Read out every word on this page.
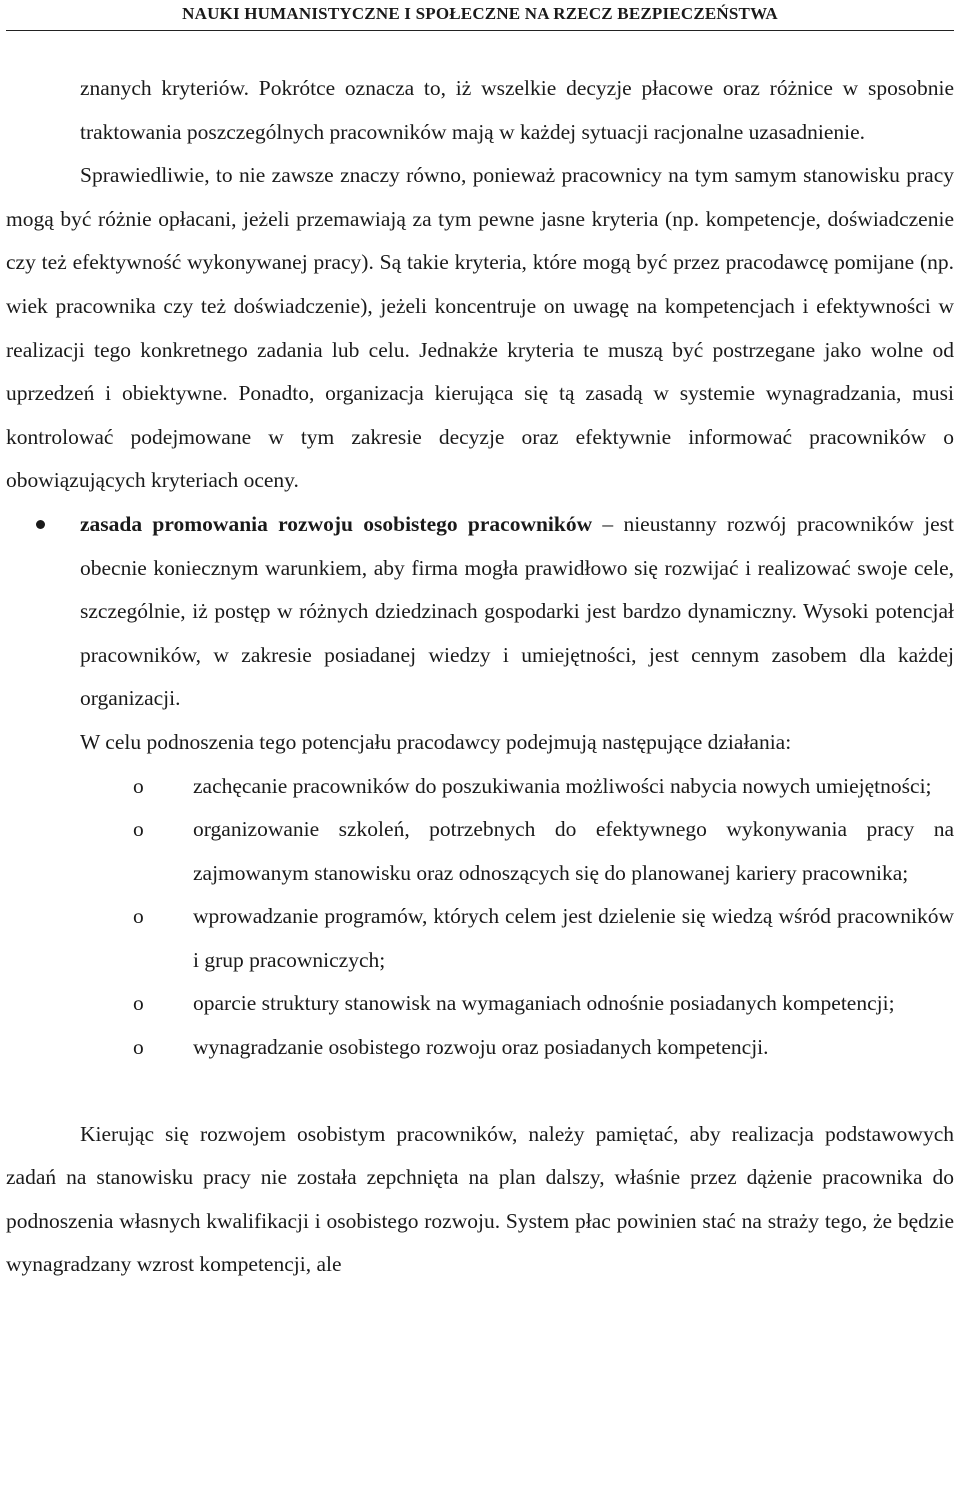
NAUKI HUMANISTYCZNE I SPOŁECZNE NA RZECZ BEZPIECZEŃSTWA

znanych kryteriów. Pokrótce oznacza to, iż wszelkie decyzje płacowe oraz różnice w sposobnie traktowania poszczególnych pracowników mają w każdej sytuacji racjonalne uzasadnienie.

Sprawiedliwie, to nie zawsze znaczy równo, ponieważ pracownicy na tym samym stanowisku pracy mogą być różnie opłacani, jeżeli przemawiają za tym pewne jasne kryteria (np. kompetencje, doświadczenie czy też efektywność wykonywanej pracy). Są takie kryteria, które mogą być przez pracodawcę pomijane (np. wiek pracownika czy też doświadczenie), jeżeli koncentruje on uwagę na kompetencjach i efektywności w realizacji tego konkretnego zadania lub celu. Jednakże kryteria te muszą być postrzegane jako wolne od uprzedzeń i obiektywne. Ponadto, organizacja kierująca się tą zasadą w systemie wynagradzania, musi kontrolować podejmowane w tym zakresie decyzje oraz efektywnie informować pracowników o obowiązujących kryteriach oceny.

zasada promowania rozwoju osobistego pracowników – nieustanny rozwój pracowników jest obecnie koniecznym warunkiem, aby firma mogła prawidłowo się rozwijać i realizować swoje cele, szczególnie, iż postęp w różnych dziedzinach gospodarki jest bardzo dynamiczny. Wysoki potencjał pracowników, w zakresie posiadanej wiedzy i umiejętności, jest cennym zasobem dla każdej organizacji.

W celu podnoszenia tego potencjału pracodawcy podejmują następujące działania:

o zachęcanie pracowników do poszukiwania możliwości nabycia nowych umiejętności;
o organizowanie szkoleń, potrzebnych do efektywnego wykonywania pracy na zajmowanym stanowisku oraz odnoszących się do planowanej kariery pracownika;
o wprowadzanie programów, których celem jest dzielenie się wiedzą wśród pracowników i grup pracowniczych;
o oparcie struktury stanowisk na wymaganiach odnośnie posiadanych kompetencji;
o wynagradzanie osobistego rozwoju oraz posiadanych kompetencji.

Kierując się rozwojem osobistym pracowników, należy pamiętać, aby realizacja podstawowych zadań na stanowisku pracy nie została zepchnięta na plan dalszy, właśnie przez dążenie pracownika do podnoszenia własnych kwalifikacji i osobistego rozwoju. System płac powinien stać na straży tego, że będzie wynagradzany wzrost kompetencji, ale
